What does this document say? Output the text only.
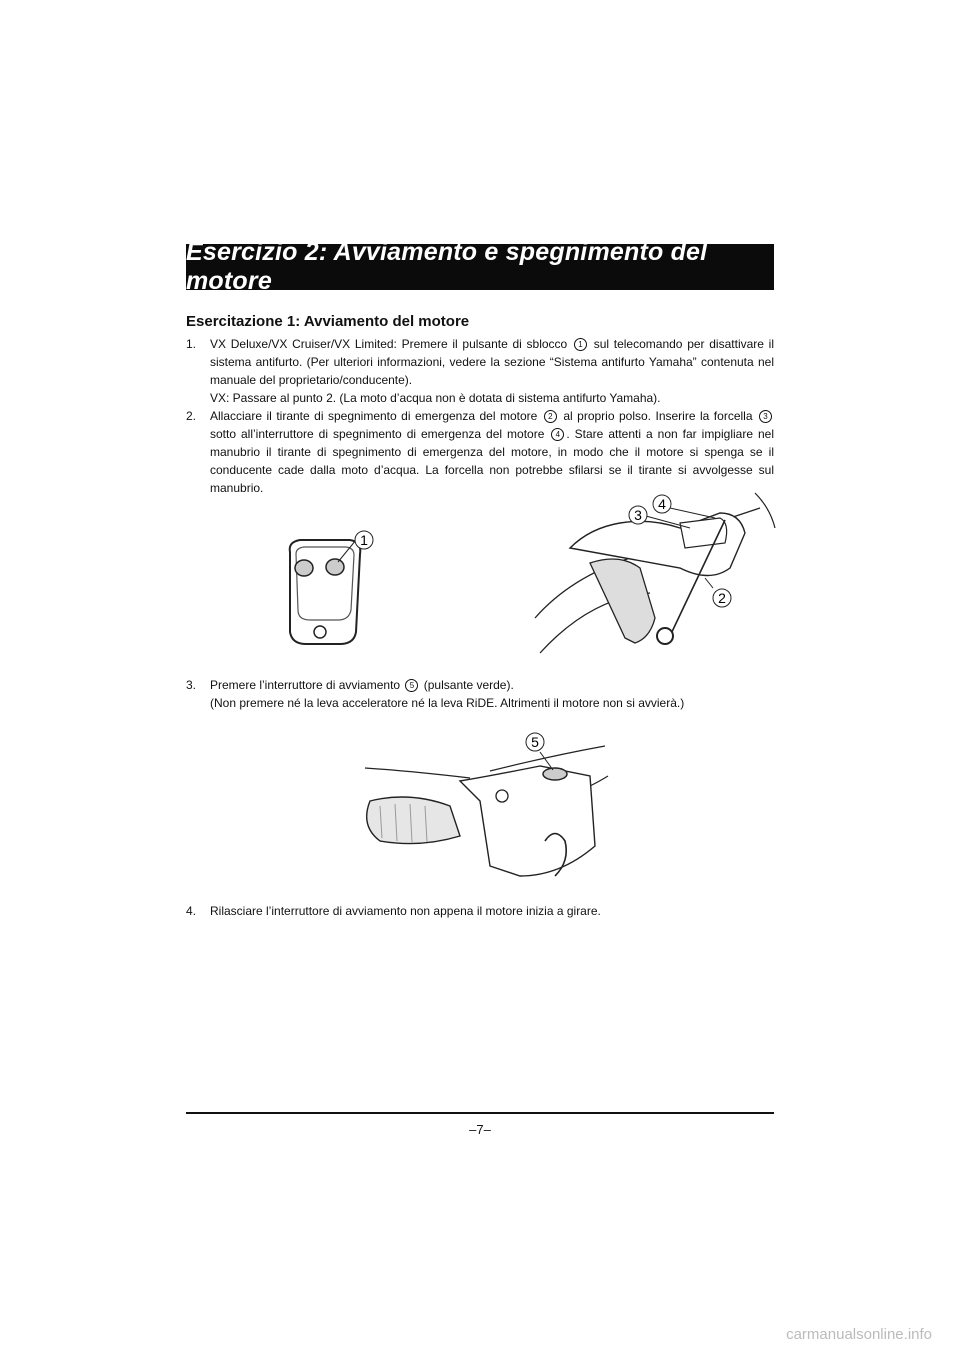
Esercizio 2: Avviamento e spegnimento del motore
Esercitazione 1: Avviamento del motore
1. VX Deluxe/VX Cruiser/VX Limited: Premere il pulsante di sblocco 1 sul telecomando per disattivare il sistema antifurto. (Per ulteriori informazioni, vedere la sezione “Sistema antifurto Yamaha” contenuta nel manuale del proprietario/conducente).

VX: Passare al punto 2. (La moto d’acqua non è dotata di sistema antifurto Yamaha).

2. Allacciare il tirante di spegnimento di emergenza del motore 2 al proprio polso. Inserire la forcella 3 sotto all’interruttore di spegnimento di emergenza del motore 4 . Stare attenti a non far impigliare nel manubrio il tirante di spegnimento di emergenza del motore, in modo che il motore si spenga se il conducente cade dalla moto d’acqua. La forcella non potrebbe sfilarsi se il tirante si avvolgesse sul manubrio.

1
4
3
2
3. Premere l’interruttore di avviamento 5 (pulsante verde).

(Non premere né la leva acceleratore né la leva RiDE. Altrimenti il motore non si avvierà.)

5
4. Rilasciare l’interruttore di avviamento non appena il motore inizia a girare.

–7–
carmanualsonline.info
